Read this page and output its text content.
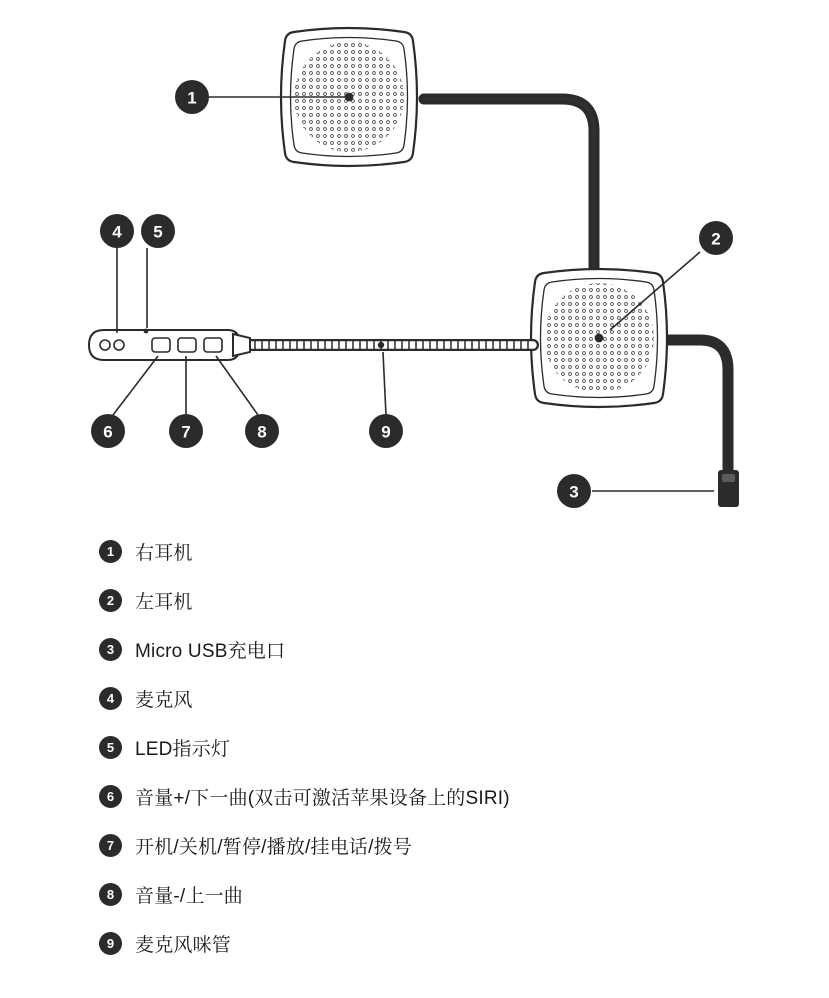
1
2
3
4 5
6	7	8	9
1	右耳机
2	左耳机
3	Micro USB充电口
4	麦克风
5	LED指示灯
6	音量+/下一曲(双击可激活苹果设备上的SIRI)
7	开机/关机/暂停/播放/挂电话/拨号
8	音量-/上一曲
9	麦克风咪管
